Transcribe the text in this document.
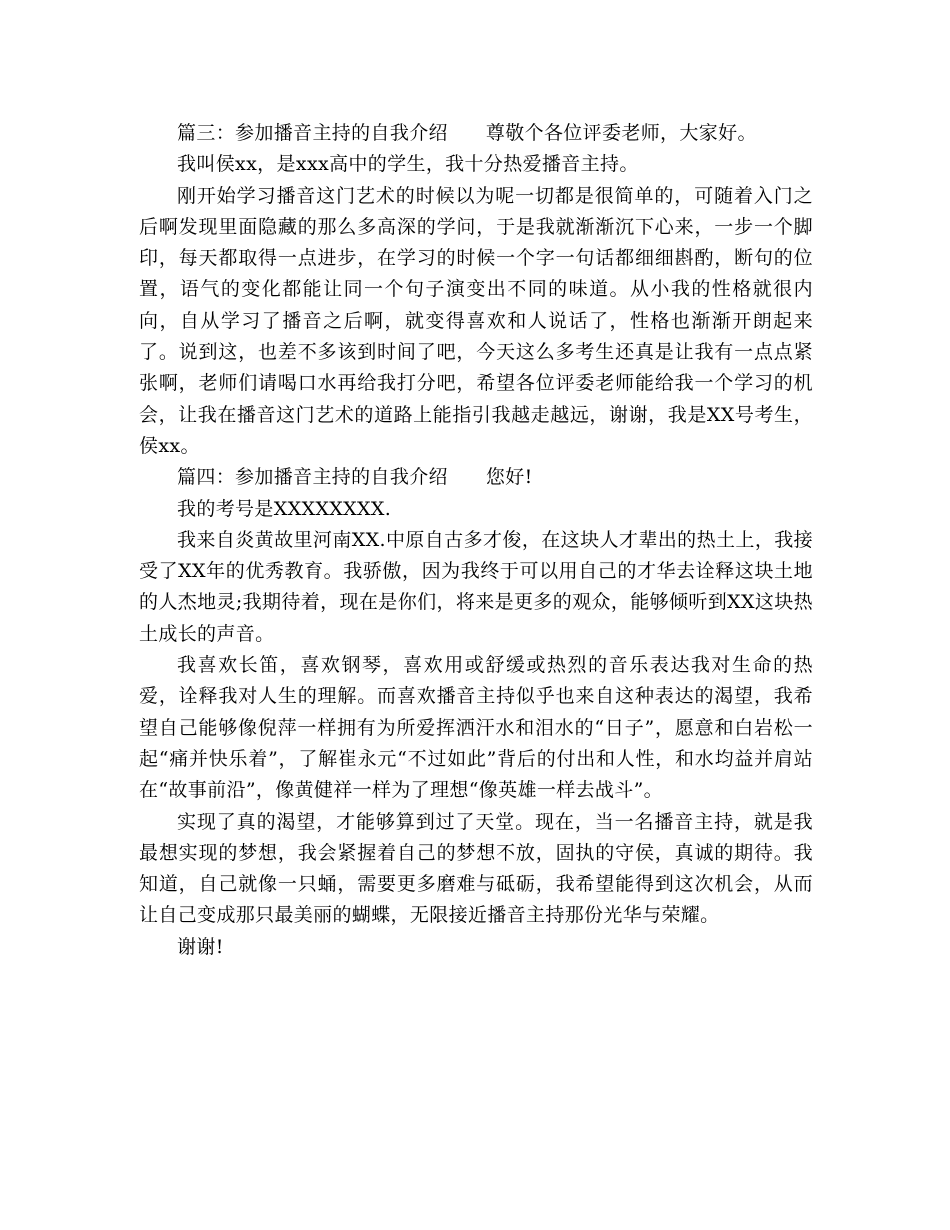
篇三：参加播音主持的自我介绍 尊敬个各位评委老师，大家好。

我叫侯xx，是xxx高中的学生，我十分热爱播音主持。

刚开始学习播音这门艺术的时候以为呢一切都是很简单的，可随着入门之后啊发现里面隐藏的那么多高深的学问，于是我就渐渐沉下心来，一步一个脚印，每天都取得一点进步，在学习的时候一个字一句话都细细斟酌，断句的位置，语气的变化都能让同一个句子演变出不同的味道。从小我的性格就很内向，自从学习了播音之后啊，就变得喜欢和人说话了，性格也渐渐开朗起来了。说到这，也差不多该到时间了吧，今天这么多考生还真是让我有一点点紧张啊，老师们请喝口水再给我打分吧，希望各位评委老师能给我一个学习的机会，让我在播音这门艺术的道路上能指引我越走越远，谢谢，我是XX号考生，侯xx。

篇四：参加播音主持的自我介绍 您好!

我的考号是XXXXXXXX.

我来自炎黄故里河南XX.中原自古多才俊，在这块人才辈出的热土上，我接受了XX年的优秀教育。我骄傲，因为我终于可以用自己的才华去诠释这块土地的人杰地灵;我期待着，现在是你们，将来是更多的观众，能够倾听到XX这块热土成长的声音。

我喜欢长笛，喜欢钢琴，喜欢用或舒缓或热烈的音乐表达我对生命的热爱，诠释我对人生的理解。而喜欢播音主持似乎也来自这种表达的渴望，我希望自己能够像倪萍一样拥有为所爱挥洒汗水和泪水的“日子”，愿意和白岩松一起“痛并快乐着”，了解崔永元“不过如此”背后的付出和人性，和水均益并肩站在“故事前沿”，像黄健祥一样为了理想“像英雄一样去战斗”。

实现了真的渴望，才能够算到过了天堂。现在，当一名播音主持，就是我最想实现的梦想，我会紧握着自己的梦想不放，固执的守侯，真诚的期待。我知道，自己就像一只蛹，需要更多磨难与砥砺，我希望能得到这次机会，从而让自己变成那只最美丽的蝴蝶，无限接近播音主持那份光华与荣耀。

谢谢!
